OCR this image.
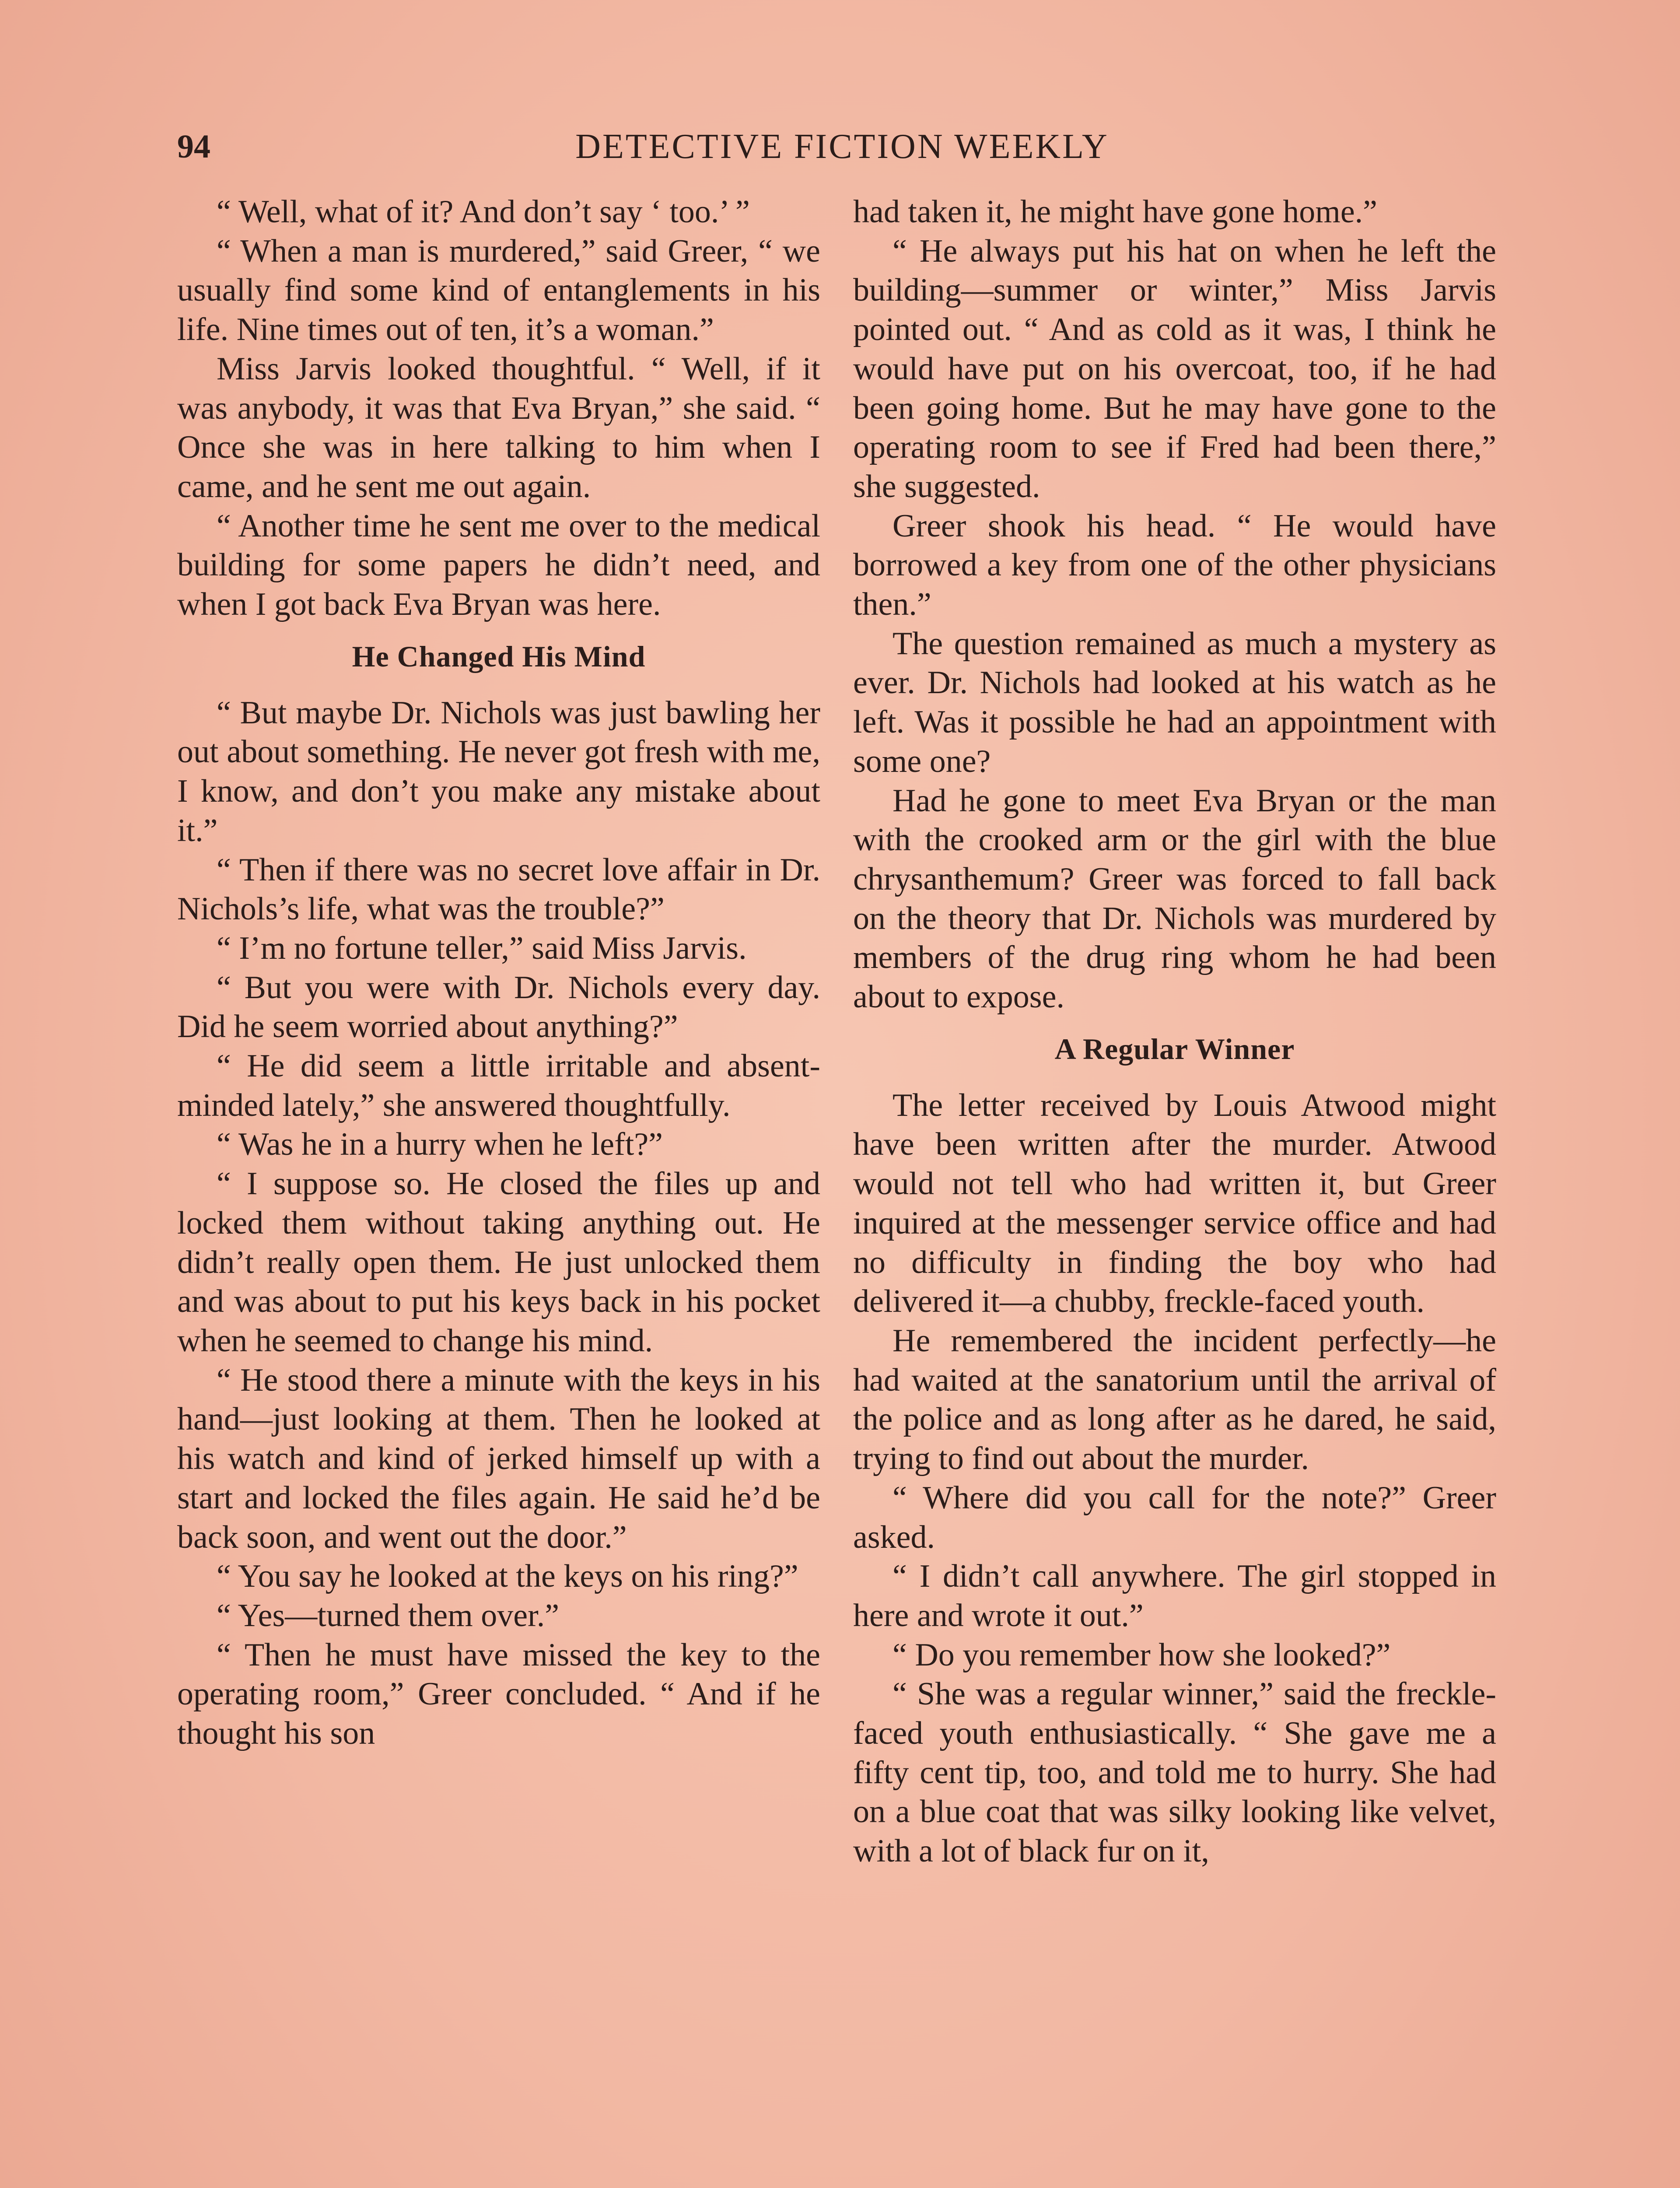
DETECTIVE FICTION WEEKLY
94

“ Well, what of it? And don’t say ‘ too.’ ”

“ When a man is murdered,” said Greer, “ we usually find some kind of entanglements in his life. Nine times out of ten, it’s a woman.”

Miss Jarvis looked thoughtful. “ Well, if it was anybody, it was that Eva Bryan,” she said. “ Once she was in here talking to him when I came, and he sent me out again.

“ Another time he sent me over to the medical building for some papers he didn’t need, and when I got back Eva Bryan was here.

He Changed His Mind

“ But maybe Dr. Nichols was just bawling her out about something. He never got fresh with me, I know, and don’t you make any mistake about it.”

“ Then if there was no secret love affair in Dr. Nichols’s life, what was the trouble?”

“ I’m no fortune teller,” said Miss Jarvis.

“ But you were with Dr. Nichols every day. Did he seem worried about anything?”

“ He did seem a little irritable and absent-minded lately,” she answered thoughtfully.

“ Was he in a hurry when he left?”

“ I suppose so. He closed the files up and locked them without taking anything out. He didn’t really open them. He just unlocked them and was about to put his keys back in his pocket when he seemed to change his mind.

“ He stood there a minute with the keys in his hand—just looking at them. Then he looked at his watch and kind of jerked himself up with a start and locked the files again. He said he’d be back soon, and went out the door.”

“ You say he looked at the keys on his ring?”

“ Yes—turned them over.”

“ Then he must have missed the key to the operating room,” Greer concluded. “ And if he thought his son

had taken it, he might have gone home.”

“ He always put his hat on when he left the building—summer or winter,” Miss Jarvis pointed out. “ And as cold as it was, I think he would have put on his overcoat, too, if he had been going home. But he may have gone to the operating room to see if Fred had been there,” she suggested.

Greer shook his head. “ He would have borrowed a key from one of the other physicians then.”

The question remained as much a mystery as ever. Dr. Nichols had looked at his watch as he left. Was it possible he had an appointment with some one?

Had he gone to meet Eva Bryan or the man with the crooked arm or the girl with the blue chrysanthemum? Greer was forced to fall back on the theory that Dr. Nichols was murdered by members of the drug ring whom he had been about to expose.

A Regular Winner

The letter received by Louis Atwood might have been written after the murder. Atwood would not tell who had written it, but Greer inquired at the messenger service office and had no difficulty in finding the boy who had delivered it—a chubby, freckle-faced youth.

He remembered the incident perfectly—he had waited at the sanatorium until the arrival of the police and as long after as he dared, he said, trying to find out about the murder.

“ Where did you call for the note?” Greer asked.

“ I didn’t call anywhere. The girl stopped in here and wrote it out.”

“ Do you remember how she looked?”

“ She was a regular winner,” said the freckle-faced youth enthusiastically. “ She gave me a fifty cent tip, too, and told me to hurry. She had on a blue coat that was silky looking like velvet, with a lot of black fur on it,
